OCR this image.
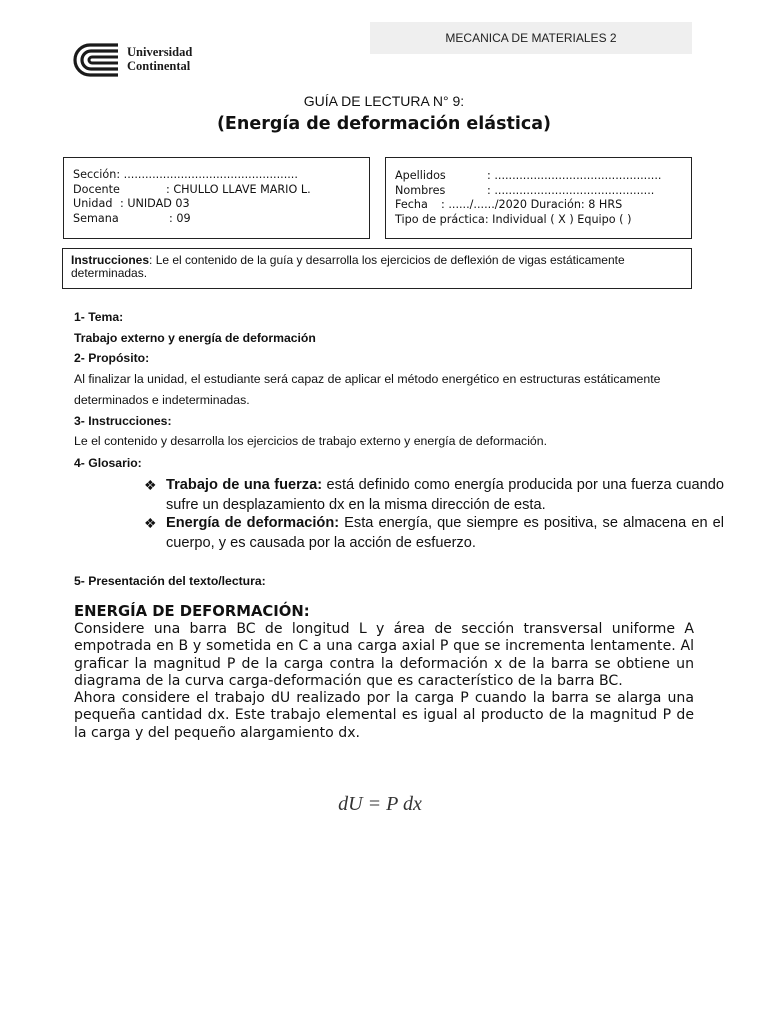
MECANICA DE MATERIALES 2
Universidad
Continental
GUÍA DE LECTURA N° 9:
(Energía de deformación elástica)
Sección : .................................................
Docente	: CHULLO LLAVE MARIO L.
Unidad : UNIDAD 03
Semana	: 09
Apellidos	: ...............................................
Nombres	: .............................................
Fecha	: ....../....../2020 Duración: 8 HRS
Tipo de práctica: Individual ( X ) Equipo ( )
Instrucciones: Le el contenido de la guía y desarrolla los ejercicios de deflexión de vigas estáticamente determinadas.
1- Tema:
Trabajo externo y energía de deformación
2- Propósito:
Al finalizar la unidad, el estudiante será capaz de aplicar el método energético en estructuras estáticamente determinados e indeterminadas.
3- Instrucciones:
Le el contenido y desarrolla los ejercicios de trabajo externo y energía de deformación.
4- Glosario:
❖ Trabajo de una fuerza: está definido como energía producida por una fuerza cuando sufre un desplazamiento dx en la misma dirección de esta.
❖ Energía de deformación: Esta energía, que siempre es positiva, se almacena en el cuerpo, y es causada por la acción de esfuerzo.
5- Presentación del texto/lectura:
ENERGÍA DE DEFORMACIÓN:

Considere una barra BC de longitud L y área de sección transversal uniforme A empotrada en B y sometida en C a una carga axial P que se incrementa lentamente. Al graficar la magnitud P de la carga contra la deformación x de la barra se obtiene un diagrama de la curva carga-deformación que es característico de la barra BC.

Ahora considere el trabajo dU realizado por la carga P cuando la barra se alarga una pequeña cantidad dx. Este trabajo elemental es igual al producto de la magnitud P de la carga y del pequeño alargamiento dx.

dU = P dx
